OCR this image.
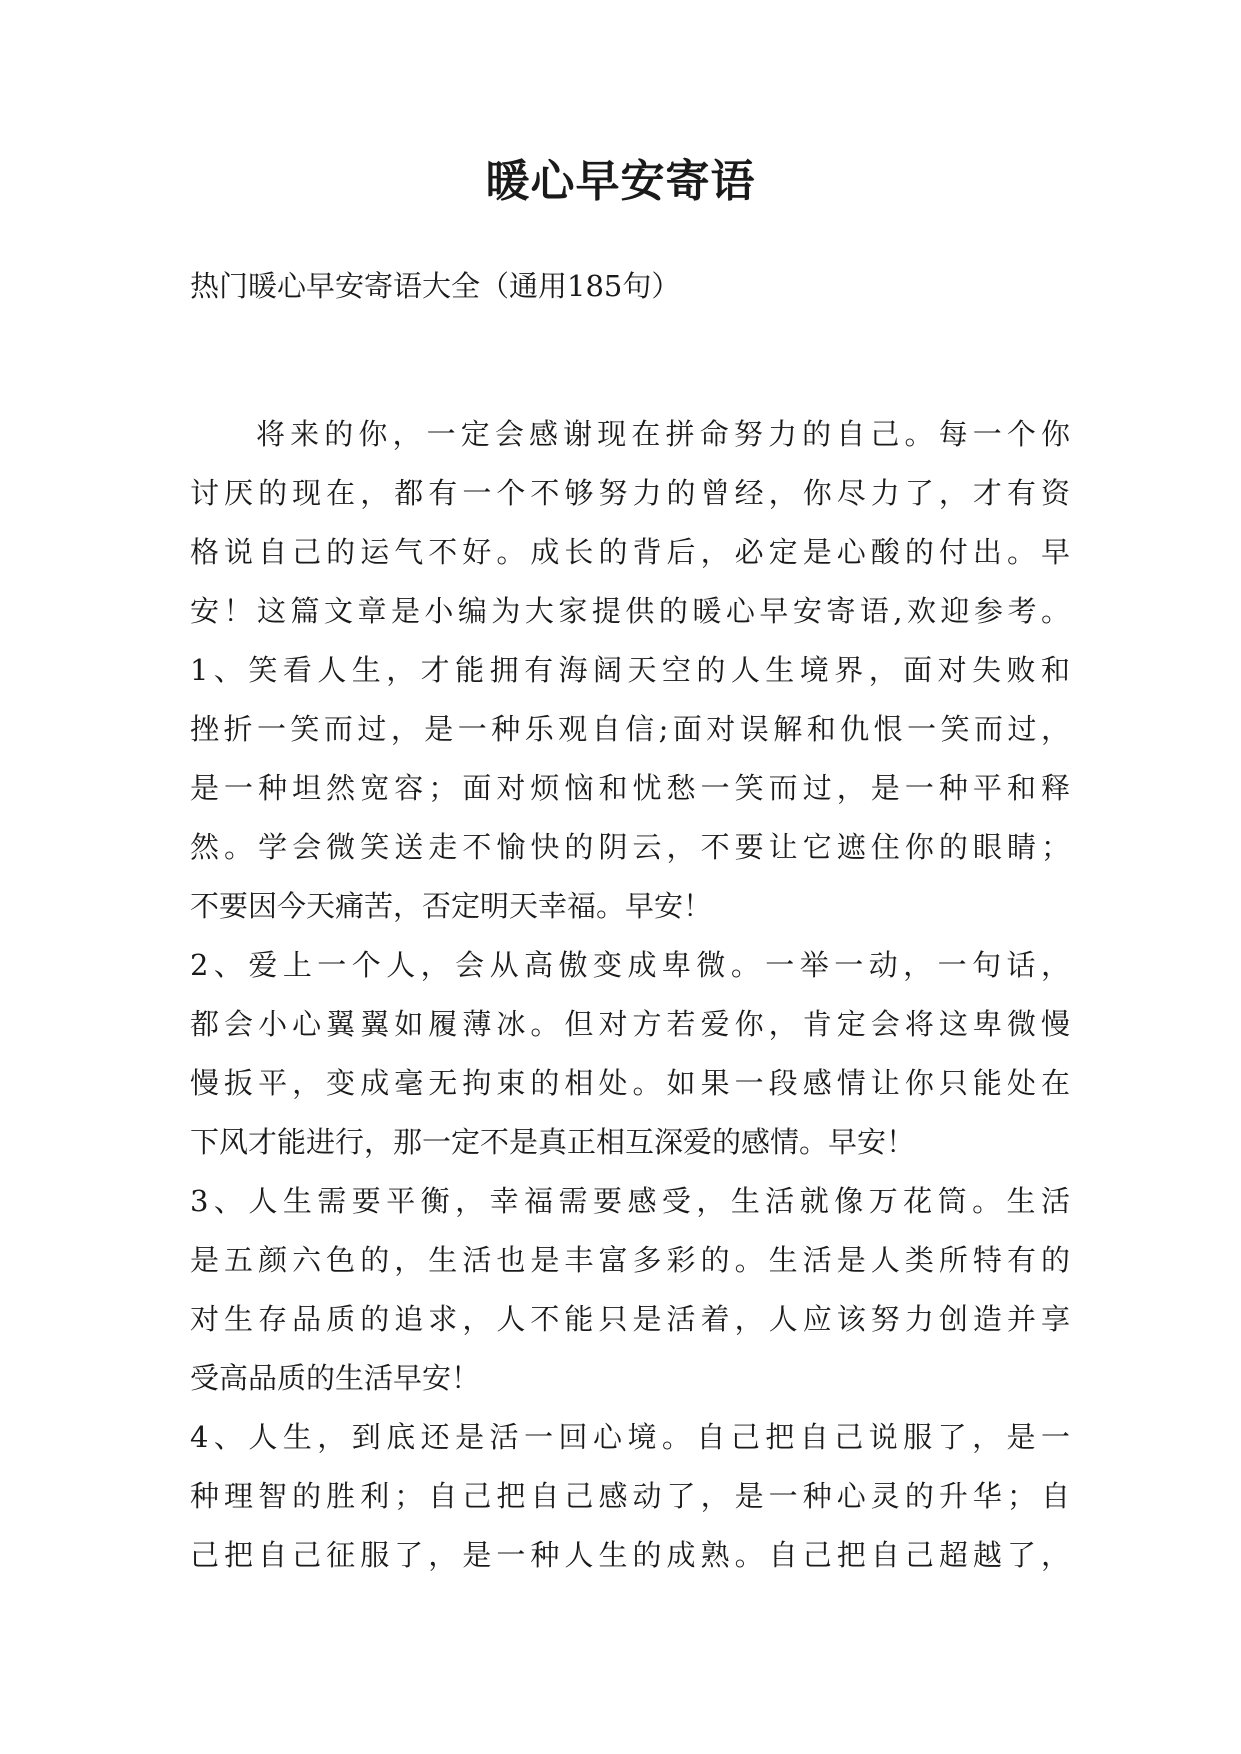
暖心早安寄语
热门暖心早安寄语大全（通用185句）
将来的你，一定会感谢现在拼命努力的自己。每一个你
讨厌的现在，都有一个不够努力的曾经，你尽力了，才有资
格说自己的运气不好。成长的背后，必定是心酸的付出。早
安！这篇文章是小编为大家提供的暖心早安寄语,欢迎参考。
1、笑看人生，才能拥有海阔天空的人生境界，面对失败和
挫折一笑而过，是一种乐观自信;面对误解和仇恨一笑而过，
是一种坦然宽容；面对烦恼和忧愁一笑而过，是一种平和释
然。学会微笑送走不愉快的阴云，不要让它遮住你的眼睛；
不要因今天痛苦，否定明天幸福。早安！
2、爱上一个人，会从高傲变成卑微。一举一动，一句话，
都会小心翼翼如履薄冰。但对方若爱你，肯定会将这卑微慢
慢扳平，变成毫无拘束的相处。如果一段感情让你只能处在
下风才能进行，那一定不是真正相互深爱的感情。早安！
3、人生需要平衡，幸福需要感受，生活就像万花筒。生活
是五颜六色的，生活也是丰富多彩的。生活是人类所特有的
对生存品质的追求，人不能只是活着，人应该努力创造并享
受高品质的生活早安！
4、人生，到底还是活一回心境。自己把自己说服了，是一
种理智的胜利；自己把自己感动了，是一种心灵的升华；自
己把自己征服了，是一种人生的成熟。自己把自己超越了，
